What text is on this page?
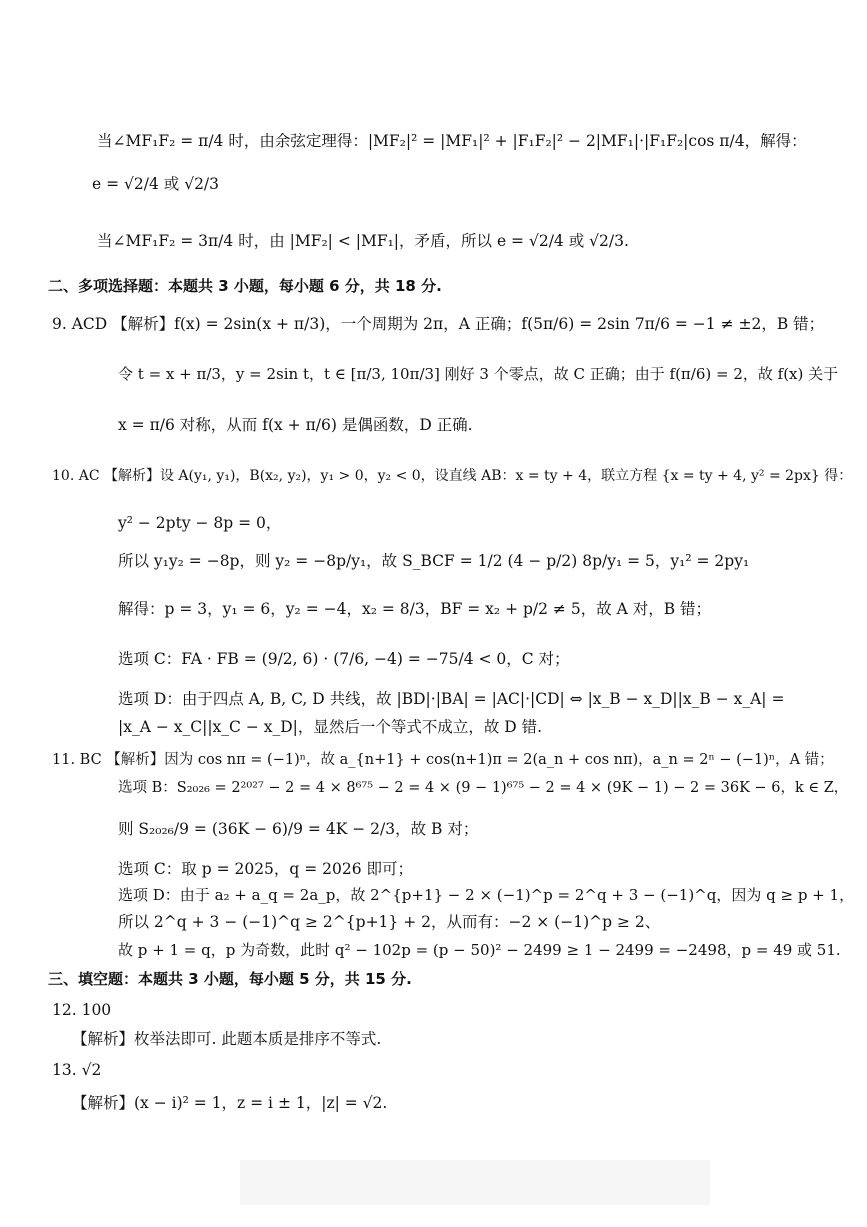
当∠MF₁F₂ = π/4 时，由余弦定理得：|MF₂|² = |MF₁|² + |F₁F₂|² − 2|MF₁|·|F₁F₂|cos π/4，解得：
e = √2/4 或 √2/3
当∠MF₁F₂ = 3π/4 时，由 |MF₂| < |MF₁|，矛盾，所以 e = √2/4 或 √2/3.
二、多项选择题：本题共 3 小题，每小题 6 分，共 18 分.
9. ACD 【解析】f(x) = 2sin(x + π/3)，一个周期为 2π，A 正确；f(5π/6) = 2sin 7π/6 = −1 ≠ ±2，B 错；
令 t = x + π/3，y = 2sin t，t ∈ [π/3, 10π/3] 刚好 3 个零点，故 C 正确；由于 f(π/6) = 2，故 f(x) 关于
x = π/6 对称，从而 f(x + π/6) 是偶函数，D 正确.
10. AC 【解析】设 A(y₁, y₁)，B(x₂, y₂)，y₁ > 0，y₂ < 0，设直线 AB：x = ty + 4，联立方程 {x = ty + 4, y² = 2px} 得：
y² − 2pty − 8p = 0，
所以 y₁y₂ = −8p，则 y₂ = −8p/y₁，故 S_BCF = 1/2 (4 − p/2) 8p/y₁ = 5，y₁² = 2py₁
解得：p = 3，y₁ = 6，y₂ = −4，x₂ = 8/3，BF = x₂ + p/2 ≠ 5，故 A 对，B 错；
选项 C：FA · FB = (9/2, 6) · (7/6, −4) = −75/4 < 0，C 对；
选项 D：由于四点 A, B, C, D 共线，故 |BD|·|BA| = |AC|·|CD| ⇔ |x_B − x_D||x_B − x_A| =
|x_A − x_C||x_C − x_D|，显然后一个等式不成立，故 D 错.
11. BC 【解析】因为 cos nπ = (−1)ⁿ，故 a_{n+1} + cos(n+1)π = 2(a_n + cos nπ)，a_n = 2ⁿ − (−1)ⁿ，A 错；
选项 B：S₂₀₂₆ = 2²⁰²⁷ − 2 = 4 × 8⁶⁷⁵ − 2 = 4 × (9 − 1)⁶⁷⁵ − 2 = 4 × (9K − 1) − 2 = 36K − 6，k ∈ Z，
则 S₂₀₂₆/9 = (36K − 6)/9 = 4K − 2/3，故 B 对；
选项 C：取 p = 2025，q = 2026 即可；
选项 D：由于 a₂ + a_q = 2a_p，故 2^{p+1} − 2 × (−1)^p = 2^q + 3 − (−1)^q，因为 q ≥ p + 1，
所以 2^q + 3 − (−1)^q ≥ 2^{p+1} + 2，从而有：−2 × (−1)^p ≥ 2、
故 p + 1 = q，p 为奇数，此时 q² − 102p = (p − 50)² − 2499 ≥ 1 − 2499 = −2498，p = 49 或 51.
三、填空题：本题共 3 小题，每小题 5 分，共 15 分.
12. 100
【解析】枚举法即可. 此题本质是排序不等式.
13. √2
【解析】(x − i)² = 1，z = i ± 1，|z| = √2.
